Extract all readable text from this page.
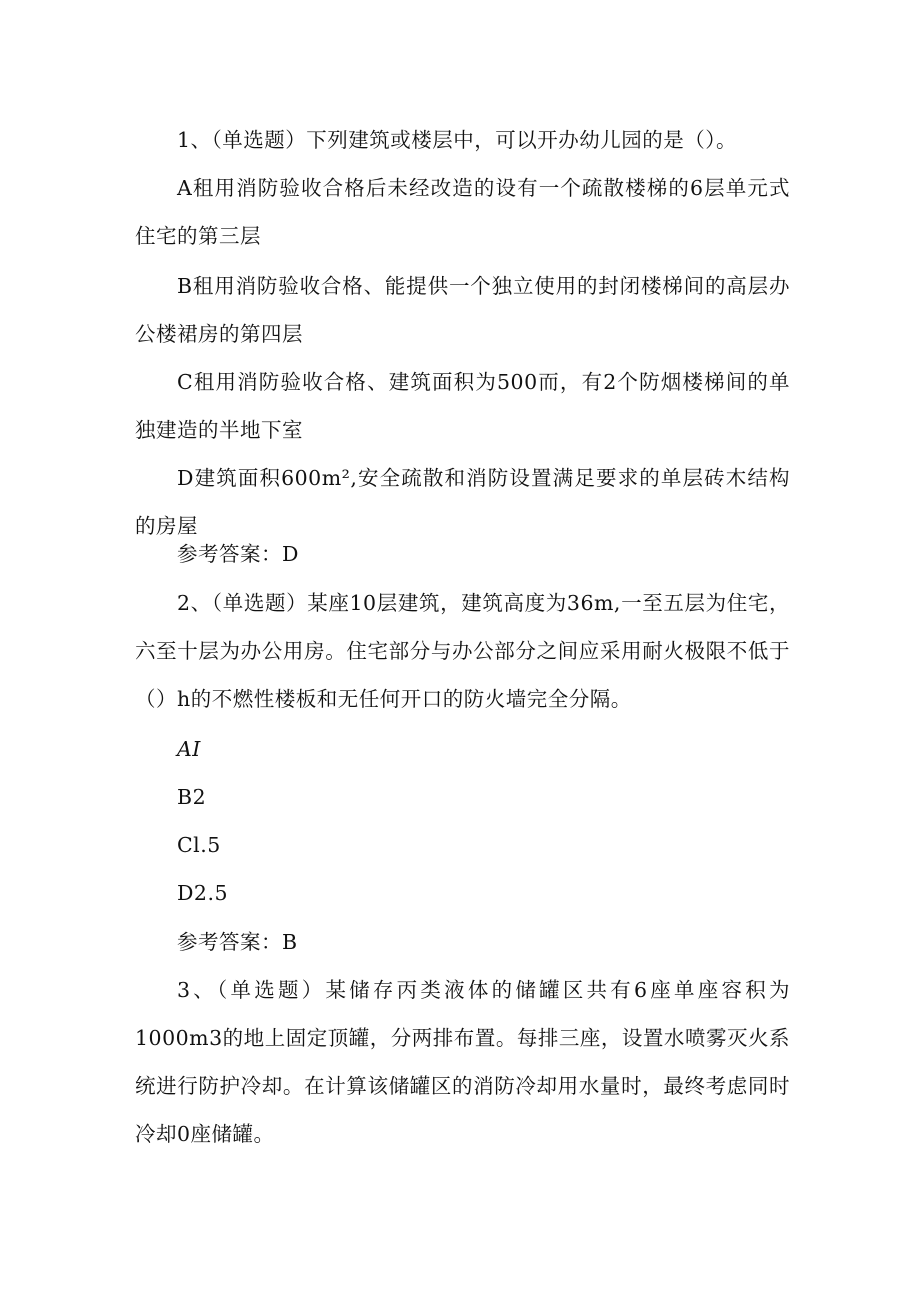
1、（单选题）下列建筑或楼层中，可以开办幼儿园的是（）。

A租用消防验收合格后未经改造的设有一个疏散楼梯的6层单元式住宅的第三层

B租用消防验收合格、能提供一个独立使用的封闭楼梯间的高层办公楼裙房的第四层

C租用消防验收合格、建筑面积为500而，有2个防烟楼梯间的单独建造的半地下室

D建筑面积600m²,安全疏散和消防设置满足要求的单层砖木结构的房屋

参考答案：D

2、（单选题）某座10层建筑，建筑高度为36m,一至五层为住宅，六至十层为办公用房。住宅部分与办公部分之间应采用耐火极限不低于（）h的不燃性楼板和无任何开口的防火墙完全分隔。

AI

B2

Cl.5

D2.5

参考答案：B

3、（单选题）某储存丙类液体的储罐区共有6座单座容积为1000m3的地上固定顶罐，分两排布置。每排三座，设置水喷雾灭火系统进行防护冷却。在计算该储罐区的消防冷却用水量时，最终考虑同时冷却0座储罐。
